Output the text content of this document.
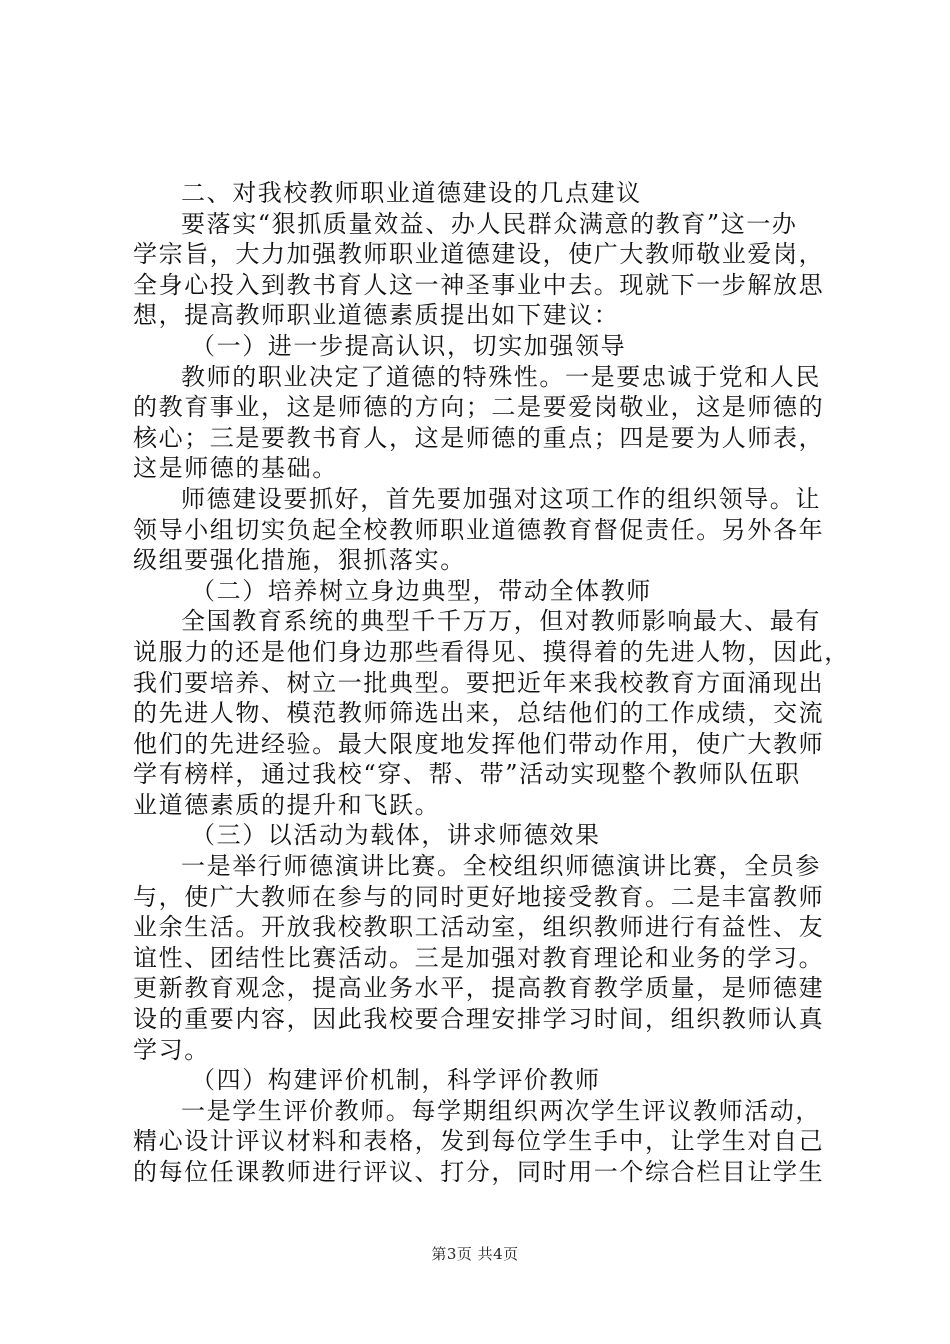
二、对我校教师职业道德建设的几点建议
要落实“狠抓质量效益、办人民群众满意的教育”这一办
学宗旨，大力加强教师职业道德建设，使广大教师敬业爱岗，
全身心投入到教书育人这一神圣事业中去。现就下一步解放思
想，提高教师职业道德素质提出如下建议：
（一）进一步提高认识，切实加强领导
教师的职业决定了道德的特殊性。一是要忠诚于党和人民
的教育事业，这是师德的方向；二是要爱岗敬业，这是师德的
核心；三是要教书育人，这是师德的重点；四是要为人师表，
这是师德的基础。
师德建设要抓好，首先要加强对这项工作的组织领导。让
领导小组切实负起全校教师职业道德教育督促责任。另外各年
级组要强化措施，狠抓落实。
（二）培养树立身边典型，带动全体教师
全国教育系统的典型千千万万，但对教师影响最大、最有
说服力的还是他们身边那些看得见、摸得着的先进人物，因此，
我们要培养、树立一批典型。要把近年来我校教育方面涌现出
的先进人物、模范教师筛选出来，总结他们的工作成绩，交流
他们的先进经验。最大限度地发挥他们带动作用，使广大教师
学有榜样，通过我校“穿、帮、带”活动实现整个教师队伍职
业道德素质的提升和飞跃。
（三）以活动为载体，讲求师德效果
一是举行师德演讲比赛。全校组织师德演讲比赛，全员参
与，使广大教师在参与的同时更好地接受教育。二是丰富教师
业余生活。开放我校教职工活动室，组织教师进行有益性、友
谊性、团结性比赛活动。三是加强对教育理论和业务的学习。
更新教育观念，提高业务水平，提高教育教学质量，是师德建
设的重要内容，因此我校要合理安排学习时间，组织教师认真
学习。
（四）构建评价机制，科学评价教师
一是学生评价教师。每学期组织两次学生评议教师活动，
精心设计评议材料和表格，发到每位学生手中，让学生对自己
的每位任课教师进行评议、打分，同时用一个综合栏目让学生
第3页 共4页
